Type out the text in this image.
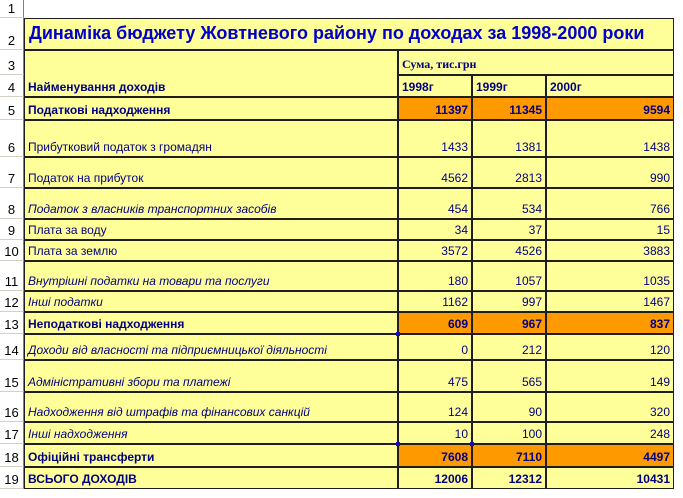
1
2
3
4
5
6
7
8
9
10
11
12
13
14
15
16
17
18
19
Динаміка бюджету Жовтневого району по доходах за 1998-2000 роки
Найменування доходів
Сума, тис.грн
1998г	1999г	2000г
Податкові надходження	11397	11345	9594
Прибутковий податок з громадян	1433	1381	1438
Податок на прибуток	4562	2813	990
Податок з власників транспортних засобів	454	534	766
Плата за воду	34	37	15
Плата за землю	3572	4526	3883
Внутрішні податки на товари та послуги	180	1057	1035
Інші податки	1162	997	1467
Неподаткові надходження	609	967	837
Доходи від власності та підприємницької діяльності	0	212	120
Адміністративні збори та платежі	475	565	149
Надходження від штрафів та фінансових санкцій	124	90	320
Інші надходження	10	100	248
Офіційні трансферти	7608	7110	4497
ВСЬОГО ДОХОДІВ	12006	12312	10431
